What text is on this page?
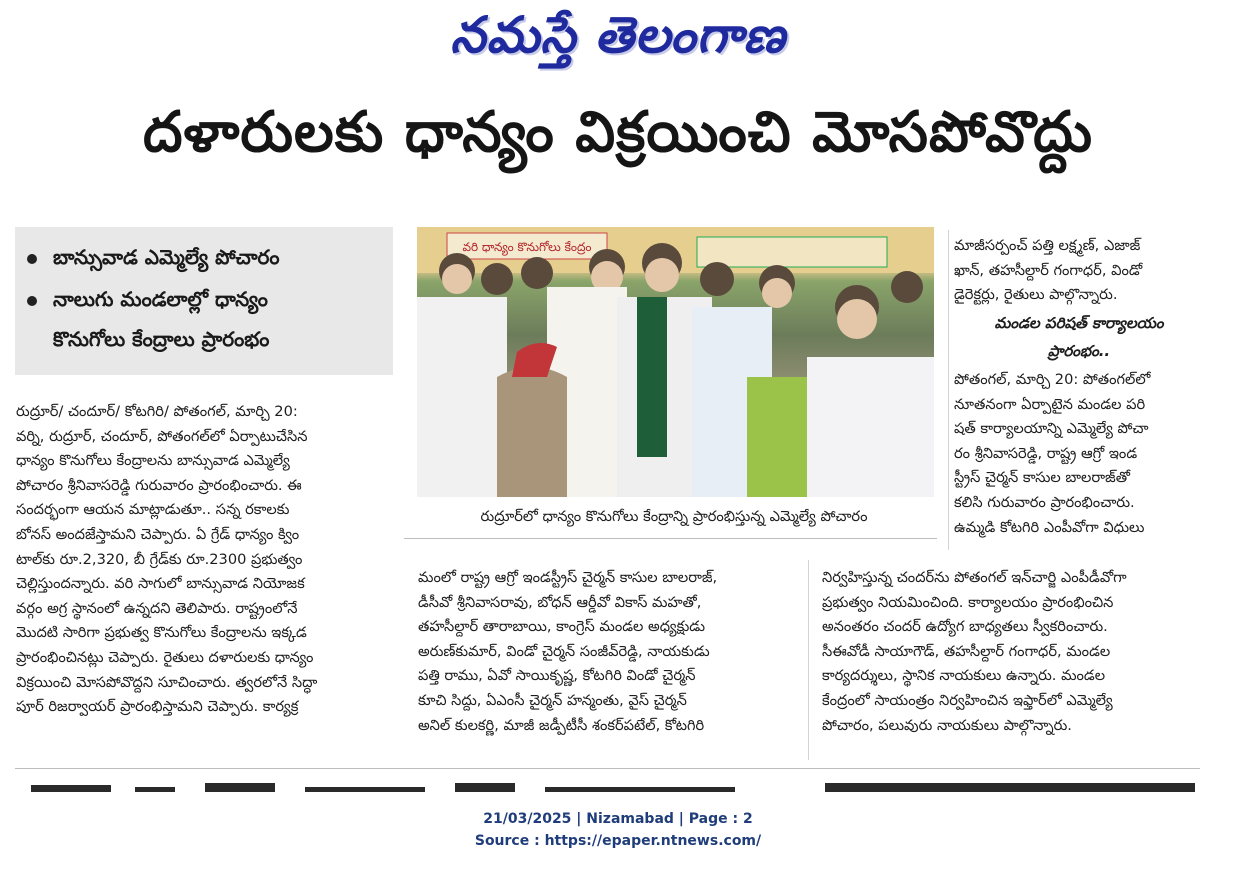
నమస్తే తెలంగాణ
దళారులకు ధాన్యం విక్రయించి మోసపోవొద్దు
బాన్సువాడ ఎమ్మెల్యే పోచారం
నాలుగు మండలాల్లో ధాన్యం
కొనుగోలు కేంద్రాలు ప్రారంభం
వరి ధాన్యం కొనుగోలు కేంద్రం
రుద్రూర్‌లో ధాన్యం కొనుగోలు కేంద్రాన్ని ప్రారంభిస్తున్న ఎమ్మెల్యే పోచారం
రుద్రూర్/ చందూర్/ కోటగిరి/ పోతంగల్, మార్చి 20:
వర్ని, రుద్రూర్, చందూర్, పోతంగల్‌లో ఏర్పాటుచేసిన
ధాన్యం కొనుగోలు కేంద్రాలను బాన్సువాడ ఎమ్మెల్యే
పోచారం శ్రీనివాసరెడ్డి గురువారం ప్రారంభించారు. ఈ
సందర్భంగా ఆయన మాట్లాడుతూ.. సన్న రకాలకు
బోనస్ అందజేస్తామని చెప్పారు. ఏ గ్రేడ్ ధాన్యం క్విం
టాల్‌కు రూ.2,320, బీ గ్రేడ్‌కు రూ.2300 ప్రభుత్వం
చెల్లిస్తుందన్నారు. వరి సాగులో బాన్సువాడ నియోజక
వర్గం అగ్ర స్థానంలో ఉన్నదని తెలిపారు. రాష్ట్రంలోనే
మొదటి సారిగా ప్రభుత్వ కొనుగోలు కేంద్రాలను ఇక్కడ
ప్రారంభించినట్లు చెప్పారు. రైతులు దళారులకు ధాన్యం
విక్రయించి మోసపోవొద్దని సూచించారు. త్వరలోనే సిద్ధా
పూర్ రిజర్వాయర్ ప్రారంభిస్తామని చెప్పారు. కార్యక్ర
మంలో రాష్ట్ర ఆగ్రో ఇండస్ట్రీస్ చైర్మన్ కాసుల బాలరాజ్,
డీసీవో శ్రీనివాసరావు, బోధన్ ఆర్డీవో వికాస్ మహతో,
తహసీల్దార్ తారాబాయి, కాంగ్రెస్ మండల అధ్యక్షుడు
అరుణ్‌కుమార్, విండో చైర్మన్ సంజీవ్‌రెడ్డి, నాయకుడు
పత్తి రాము, ఏవో సాయికృష్ణ, కోటగిరి విండో చైర్మన్
కూచి సిద్దు, ఏఎంసీ చైర్మన్ హన్మంతు, వైస్ చైర్మన్
అనిల్ కులకర్ణి, మాజీ జడ్పీటీసీ శంకర్‌పటేల్, కోటగిరి
మాజీసర్పంచ్ పత్తి లక్ష్మణ్, ఎజాజ్
ఖాన్, తహసీల్దార్ గంగాధర్, విండో
డైరెక్టర్లు, రైతులు పాల్గొన్నారు.
మండల పరిషత్ కార్యాలయం
ప్రారంభం..
పోతంగల్, మార్చి 20: పోతంగల్‌లో
నూతనంగా ఏర్పాటైన మండల పరి
షత్ కార్యాలయాన్ని ఎమ్మెల్యే పోచా
రం శ్రీనివాసరెడ్డి, రాష్ట్ర ఆగ్రో ఇండ
స్ట్రీస్ చైర్మన్ కాసుల బాలరాజ్‌తో
కలిసి గురువారం ప్రారంభించారు.
ఉమ్మడి కోటగిరి ఎంపీవోగా విధులు
నిర్వహిస్తున్న చందర్‌ను పోతంగల్ ఇన్‌చార్జి ఎంపీడీవోగా
ప్రభుత్వం నియమించింది. కార్యాలయం ప్రారంభించిన
అనంతరం చందర్ ఉద్యోగ బాధ్యతలు స్వీకరించారు.
సీఈవోడీ సాయాగౌడ్, తహసీల్దార్ గంగాధర్, మండల
కార్యదర్శులు, స్థానిక నాయకులు ఉన్నారు. మండల
కేంద్రంలో సాయంత్రం నిర్వహించిన ఇఫ్తార్‌లో ఎమ్మెల్యే
పోచారం, పలువురు నాయకులు పాల్గొన్నారు.
21/03/2025 | Nizamabad | Page : 2
Source : https://epaper.ntnews.com/
